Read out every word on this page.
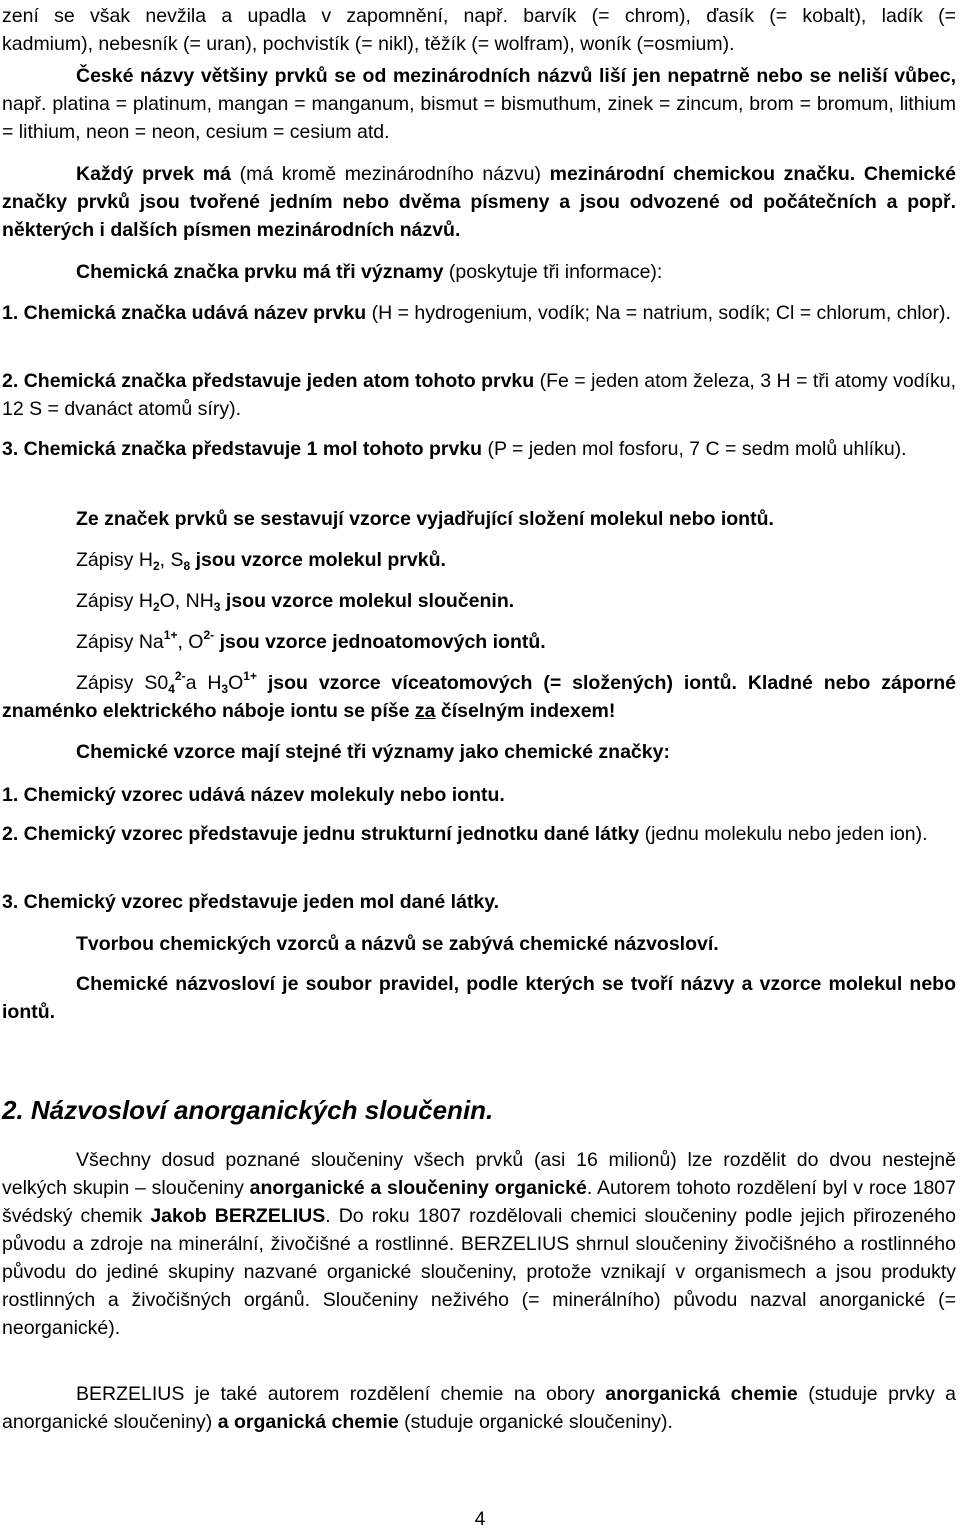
zení se však nevžila a upadla v zapomnění, např. barvík (= chrom), ďasík (= kobalt), ladík (=
kadmium), nebesník (= uran), pochvistík (= nikl), těžík (= wolfram), woník (=osmium).

České názvy většiny prvků se od mezinárodních názvů liší jen nepatrně nebo se neliší vůbec, např. platina = platinum, mangan = manganum, bismut = bismuthum, zinek = zincum, brom = bromum, lithium = lithium, neon = neon, cesium = cesium atd.

Každý prvek má (má kromě mezinárodního názvu) mezinárodní chemickou značku. Chemické značky prvků jsou tvořené jedním nebo dvěma písmeny a jsou odvozené od počátečních a popř. některých i dalších písmen mezinárodních názvů.

Chemická značka prvku má tři významy (poskytuje tři informace):

1. Chemická značka udává název prvku (H = hydrogenium, vodík; Na = natrium, sodík; Cl = chlorum, chlor).

2. Chemická značka představuje jeden atom tohoto prvku (Fe = jeden atom železa, 3 H = tři atomy vodíku, 12 S = dvanáct atomů síry).

3. Chemická značka představuje 1 mol tohoto prvku (P = jeden mol fosforu, 7 C = sedm molů uhlíku).

Ze značek prvků se sestavují vzorce vyjadřující složení molekul nebo iontů.

Zápisy $H_2$, $S_8$ jsou vzorce molekul prvků.

Zápisy $H_2O$, $NH_3$ jsou vzorce molekul sloučenin.

Zápisy $Na^{1+}$, $O^{2-}$ jsou vzorce jednoatomových iontů.

Zápisy $S0_4^{2-}a$ $H_3O^{1+}$ jsou vzorce víceatomových (= složených) iontů. Kladné nebo záporné znaménko elektrického náboje iontu se píše za číselným indexem!

Chemické vzorce mají stejné tři významy jako chemické značky:

1. Chemický vzorec udává název molekuly nebo iontu.

2. Chemický vzorec představuje jednu strukturní jednotku dané látky (jednu molekulu nebo jeden ion).

3. Chemický vzorec představuje jeden mol dané látky.

Tvorbou chemických vzorců a názvů se zabývá chemické názvosloví.

Chemické názvosloví je soubor pravidel, podle kterých se tvoří názvy a vzorce molekul nebo iontů.

2. Názvosloví anorganických sloučenin.

Všechny dosud poznané sloučeniny všech prvků (asi 16 milionů) lze rozdělit do dvou nestejně velkých skupin – sloučeniny anorganické a sloučeniny organické. Autorem tohoto rozdělení byl v roce 1807 švédský chemik Jakob BERZELIUS. Do roku 1807 rozdělovali chemici sloučeniny podle jejich přirozeného původu a zdroje na minerální, živočišné a rostlinné. BERZELIUS shrnul sloučeniny živočišného a rostlinného původu do jediné skupiny nazvané organické sloučeniny, protože vznikají v organismech a jsou produkty rostlinných a živočišných orgánů. Sloučeniny neživého (= minerálního) původu nazval anorganické (= neorganické).

BERZELIUS je také autorem rozdělení chemie na obory anorganická chemie (studuje prvky a anorganické sloučeniny) a organická chemie (studuje organické sloučeniny).

4
